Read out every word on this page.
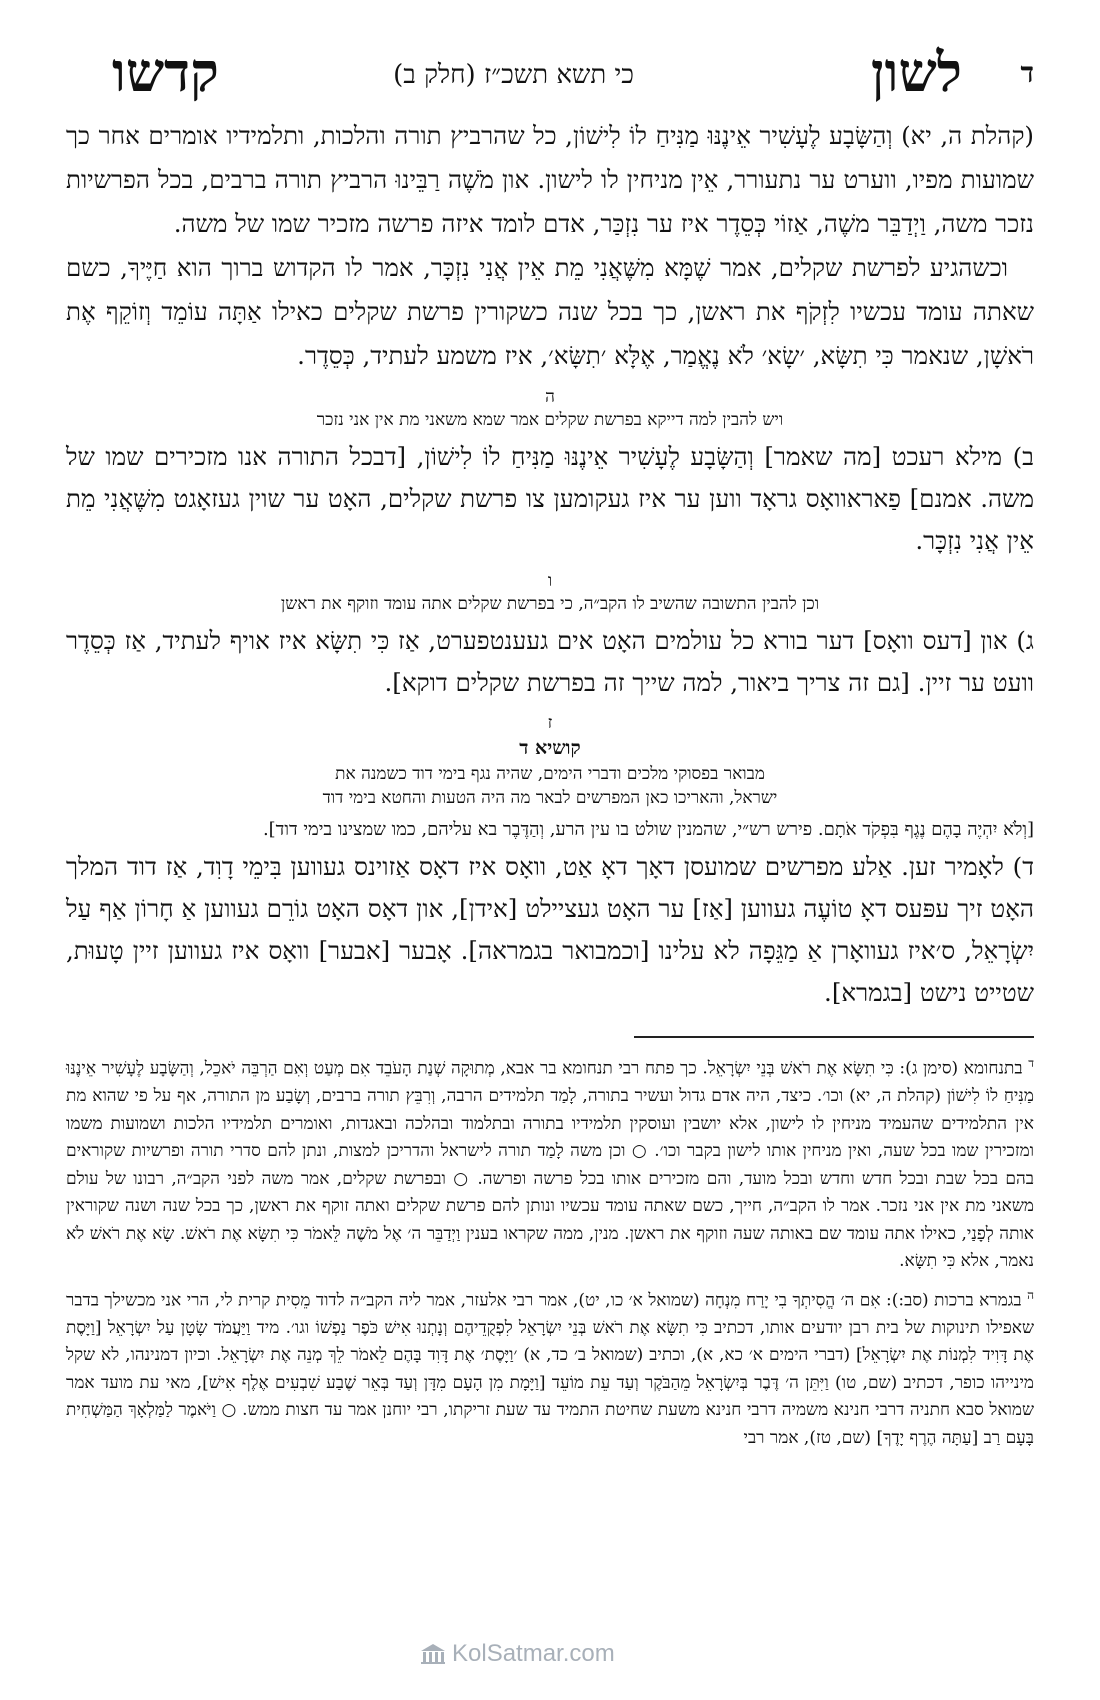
ד
לשון
כי תשא תשכ״ז (חלק ב)
קדשו

(קהלת ה, יא) וְהַשָּׂבָע לֶעָשִׁיר אֵינֶנּוּ מַנִּיחַ לוֹ לִישׁוֹן, כל שהרביץ תורה והלכות, ותלמידיו אומרים אחר כך שמועות מפיו, ווערט ער נתעורר, אֵין מניחין לו לישון. און מֹשֶׁה רַבֵּינוּ הרביץ תורה ברבים, בכל הפרשיות נזכר משה, וַיְדַבֵּר משֶׁה, אַזוֹי כְּסֵדֶר איז ער נִזְכַּר, אדם לומד איזה פרשה מזכיר שמו של משה.

וכשהגיע לפרשת שקלים, אמר שֶׁמָּא מִשֶּׁאֲנִי מֵת אֵין אֲנִי נִזְכָּר, אמר לו הקדוש ברוך הוא חַיֶּיךָ, כשם שאתה עומד עכשיו לִזְקֹף את ראשן, כך בכל שנה כשקורין פרשת שקלים כאילו אַתָּה עוֹמֵד וְזוֹקֵף אֶת רֹאשָׁן, שנאמר כִּי תִשָּׂא, ׳שָׂא׳ לֹא נֶאֱמַר, אֶלָּא ׳תִשָּׂא׳, איז משמע לעתיד, כְּסֵדֶר.

ה
ויש להבין למה דייקא בפרשת שקלים אמר שמא משאני מת אין אני נזכר

ב) מילא רעכט [מה שאמר] וְהַשָּׂבָע לֶעָשִׁיר אֵינֶנּוּ מַנִּיחַ לוֹ לִישׁוֹן, [דבכל התורה אנו מזכירים שמו של משה. אמנם] פַאראוואָס גראָד ווען ער איז געקומען צו פרשת שקלים, האָט ער שוין געזאָגט מִשֶּׁאֲנִי מֵת אֵין אֲנִי נִזְכָּר.

ו
וכן להבין התשובה שהשיב לו הקב״ה, כי בפרשת שקלים אתה עומד וזוקף את ראשן

ג) און [דעס וואָס] דער בורא כל עולמים האָט אים געענטפערט, אַז כִּי תִשָּׂא איז אויף לעתיד, אַז כְּסֵדֶר וועט ער זיין. [גם זה צריך ביאור, למה שייך זה בפרשת שקלים דוקא].

ז
קושיא ד
מבואר בפסוקי מלכים ודברי הימים, שהיה נגף בימי דוד כשמנה את
ישראל, והאריכו כאן המפרשים לבאר מה היה הטעות והחטא בימי דוד

[וְלֹא יִהְיֶה בָהֶם נֶגֶף בִּפְקֹד אֹתָם. פירש רש״י, שהמנין שולט בו עין הרע, וְהַדֶּבֶר בא עליהם, כמו שמצינו בימי דוד].

ד) לאָמיר זען. אַלע מפרשים שמועסן דאָך דאָ אַט, וואָס איז דאָס אַזוינס געווען בִּימֵי דָוִד, אַז דוד המלך האָט זיך עפּעס דאָ טוֹעֶה געווען [אַז] ער האָט געציילט [אידן], און דאָס האָט גוֹרֵם געווען אַ חָרוֹן אַף עַל יִשְׂרָאֵל, ס׳איז געוואָרן אַ מַגֵּפָה לא עלינו [וכמבואר בגמראה]. אָבער [אבער] וואָס איז געווען זיין טָעוּת, שטייט נישט [בגמרא].

$^ד$ בתנחומא (סימן ג): כִּי תִשָּׂא אֶת רֹאשׁ בְּנֵי יִשְׂרָאֵל. כך פתח רבי תנחומא בר אבא, מְתוּקָה שְׁנַת הָעֹבֵד אִם מְעַט וְאִם הַרְבֵּה יֹאכֵל, וְהַשָּׂבָע לֶעָשִׁיר אֵינֶנּוּ מַנִּיחַ לוֹ לִישׁוֹן (קהלת ה, יא) וכו׳. כיצד, היה אדם גדול ועשיר בתורה, לָמַד תלמידים הרבה, וְרִבֵּץ תורה ברבים, וְשָׂבַע מן התורה, אף על פי שהוא מת אין התלמידים שהעמיד מניחין לו לישון, אלא יושבין ועוסקין תלמידיו בתורה ובתלמוד ובהלכה ובאגדות, ואומרים תלמידיו הלכות ושמועות משמו ומזכירין שמו בכל שעה, ואין מניחין אותו לישון בקבר וכו׳. ○ וכן משה לָמַד תורה לישראל והדריכן למצות, ונתן להם סדרי תורה ופרשיות שקוראים בהם בכל שבת ובכל חדש וחדש ובכל מועד, והם מזכירים אותו בכל פרשה ופרשה. ○ ובפרשת שקלים, אמר משה לפני הקב״ה, רבונו של עולם משאני מת אין אני נזכר. אמר לו הקב״ה, חייך, כשם שאתה עומד עכשיו ונותן להם פרשת שקלים ואתה זוקף את ראשן, כך בכל שנה ושנה שקוראין אותה לְפָנַי, כאילו אתה עומד שם באותה שעה וזוקף את ראשן. מנין, ממה שקראו בענין וַיְדַבֵּר ה׳ אֶל מֹשֶׁה לֵּאמֹר כִּי תִשָּׂא אֶת רֹאשׁ. שָׂא אֶת רֹאשׁ לֹא נאמר, אלא כִּי תִשָּׂא.

$^ה$ בגמרא ברכות (סב:): אִם ה׳ הֱסִיתְךָ בִי יָרַח מִנְחָה (שמואל א׳ כו, יט), אמר רבי אלעזר, אמר ליה הקב״ה לדוד מֵסִית קרית לי, הרי אני מכשילך בדבר שאפילו תינוקות של בית רבן יודעים אותו, דכתיב כִּי תִשָּׂא אֶת רֹאשׁ בְּנֵי יִשְׂרָאֵל לִפְקֻדֵיהֶם וְנָתְנוּ אִישׁ כֹּפֶר נַפְשׁוֹ וגו׳. מיד וַיַּעֲמֹד שָׂטָן עַל יִשְׂרָאֵל [וַיָּסֶת אֶת דָּוִיד לִמְנוֹת אֶת יִשְׂרָאֵל] (דברי הימים א׳ כא, א), וכתיב (שמואל ב׳ כד, א) ׳וַיָּסֶת׳ אֶת דָּוִד בָּהֶם לֵאמֹר לֵךְ מְנֵה אֶת יִשְׂרָאֵל. וכיון דמנינהו, לא שקל מינייהו כופר, דכתיב (שם, טו) וַיִּתֵּן ה׳ דֶּבֶר בְּיִשְׂרָאֵל מֵהַבֹּקֶר וְעַד עֵת מוֹעֵד [וַיָּמָת מִן הָעָם מִדָּן וְעַד בְּאֵר שֶׁבַע שִׁבְעִים אֶלֶף אִישׁ], מאי עת מועד אמר שמואל סבא חתניה דרבי חנינא משמיה דרבי חנינא משעת שחיטת התמיד עד שעת זריקתו, רבי יוחנן אמר עד חצות ממש. ○ וַיֹּאמֶר לַמַּלְאָךְ הַמַּשְׁחִית בָּעָם רַב [עַתָּה הֶרֶף יָדֶךָ] (שם, טז), אמר רבי

KolSatmar.com
